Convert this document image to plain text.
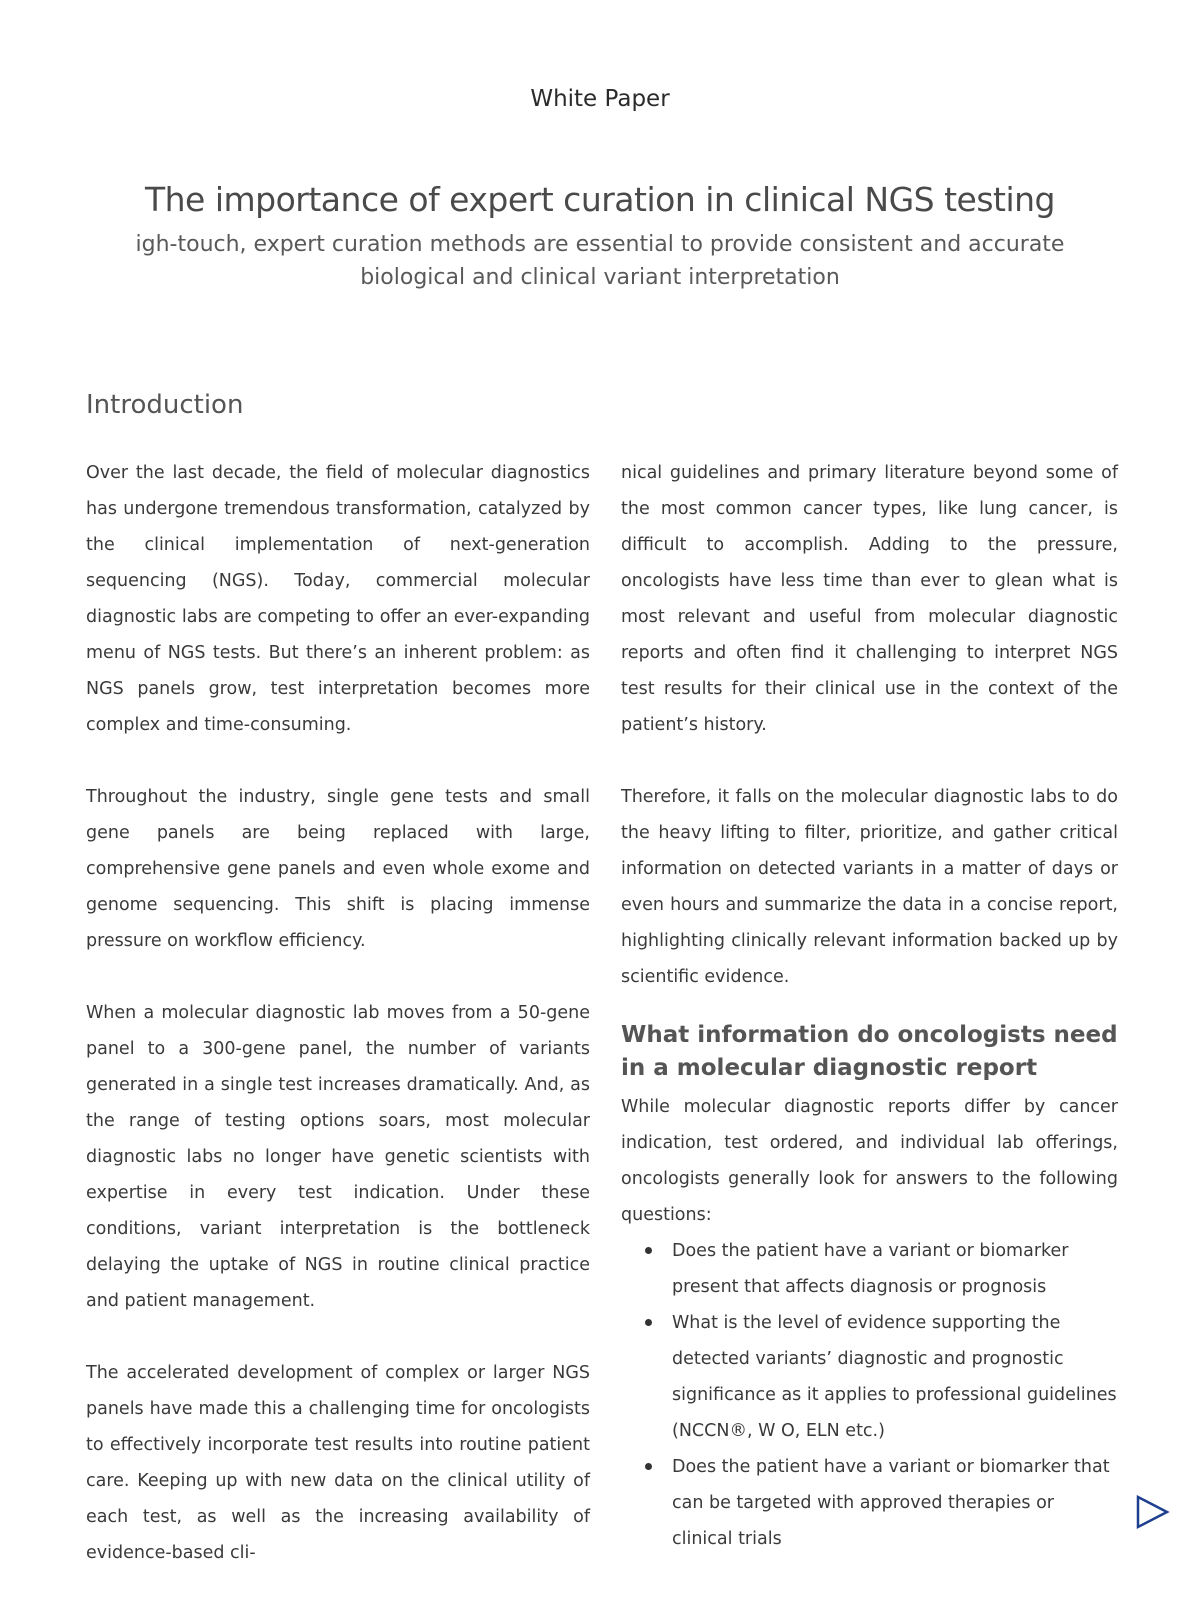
White Paper
The importance of expert curation in clinical NGS testing
igh-touch, expert curation methods are essential to provide consistent and accurate biological and clinical variant interpretation
Introduction

Over the last decade, the field of molecular diagnostics has undergone tremendous transformation, catalyzed by the clinical implementation of next-generation sequencing (NGS). Today, commercial molecular diagnostic labs are competing to offer an ever-expanding menu of NGS tests. But there’s an inherent problem: as NGS panels grow, test interpretation becomes more complex and time-consuming.

Throughout the industry, single gene tests and small gene panels are being replaced with large, comprehensive gene panels and even whole exome and genome sequencing. This shift is placing immense pressure on workflow efficiency.

When a molecular diagnostic lab moves from a 50-gene panel to a 300-gene panel, the number of variants generated in a single test increases dramatically. And, as the range of testing options soars, most molecular diagnostic labs no longer have genetic scientists with expertise in every test indication. Under these conditions, variant interpretation is the bottleneck delaying the uptake of NGS in routine clinical practice and patient management.

The accelerated development of complex or larger NGS panels have made this a challenging time for oncologists to effectively incorporate test results into routine patient care. Keeping up with new data on the clinical utility of each test, as well as the increasing availability of evidence-based cli-

nical guidelines and primary literature beyond some of the most common cancer types, like lung cancer, is difficult to accomplish. Adding to the pressure, oncologists have less time than ever to glean what is most relevant and useful from molecular diagnostic reports and often find it challenging to interpret NGS test results for their clinical use in the context of the patient’s history.

Therefore, it falls on the molecular diagnostic labs to do the heavy lifting to filter, prioritize, and gather critical information on detected variants in a matter of days or even hours and summarize the data in a concise report, highlighting clinically relevant information backed up by scientific evidence.

What information do oncologists need in a molecular diagnostic report

While molecular diagnostic reports differ by cancer indication, test ordered, and individual lab offerings, oncologists generally look for answers to the following questions:

Does the patient have a variant or biomarker present that affects diagnosis or prognosis
What is the level of evidence supporting the detected variants’ diagnostic and prognostic significance as it applies to professional guidelines (NCCN®, W O, ELN etc.)
Does the patient have a variant or biomarker that can be targeted with approved therapies or clinical trials
